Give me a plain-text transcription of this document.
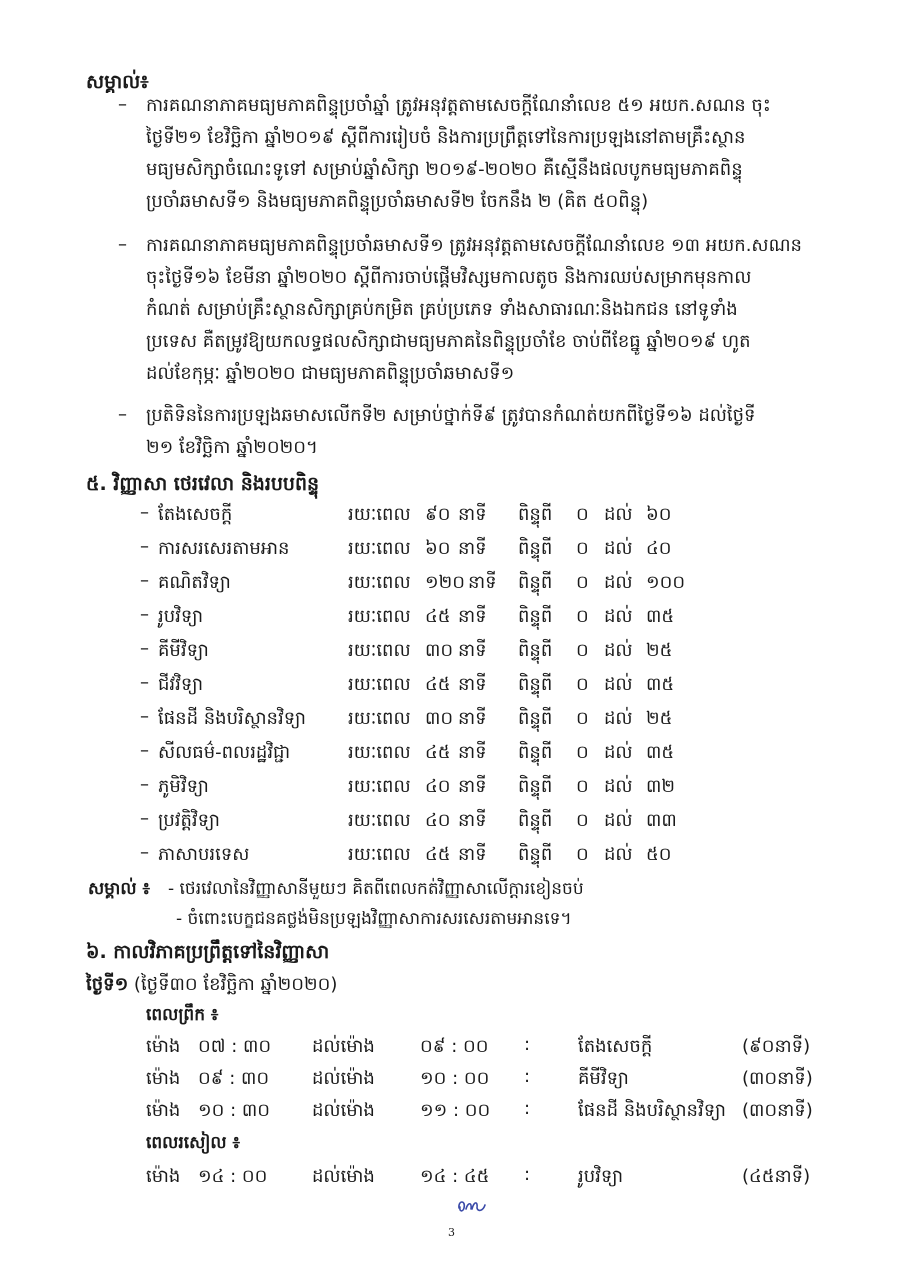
សម្គាល់៖
– ការគណនាភាគមធ្យមភាគពិន្ទុប្រចាំឆ្នាំ ត្រូវអនុវត្តតាមសេចក្ដីណែនាំលេខ ៥១ អយក.សណន ចុះ
ថ្ងៃទី២១ ខែវិច្ឆិកា ឆ្នាំ២០១៩ ស្ដីពីការរៀបចំ និងការប្រព្រឹត្តទៅនៃការប្រឡងនៅតាមគ្រឹះស្ថាន
មធ្យមសិក្សាចំណេះទូទៅ សម្រាប់ឆ្នាំសិក្សា ២០១៩-២០២០ គឺស្មើនឹងផលបូកមធ្យមភាគពិន្ទុ
ប្រចាំឆមាសទី១ និងមធ្យមភាគពិន្ទុប្រចាំឆមាសទី២ ចែកនឹង ២ (គិត ៥០ពិន្ទុ)
– ការគណនាភាគមធ្យមភាគពិន្ទុប្រចាំឆមាសទី១ ត្រូវអនុវត្តតាមសេចក្ដីណែនាំលេខ ១៣ អយក.សណន
ចុះថ្ងៃទី១៦ ខែមីនា ឆ្នាំ២០២០ ស្ដីពីការចាប់ផ្ដើមវិស្សមកាលតូច និងការឈប់សម្រាកមុនកាល
កំណត់ សម្រាប់គ្រឹះស្ថានសិក្សាគ្រប់កម្រិត គ្រប់ប្រភេទ ទាំងសាធារណៈនិងឯកជន នៅទូទាំង
ប្រទេស គឺតម្រូវឱ្យយកលទ្ធផលសិក្សាជាមធ្យមភាគនៃពិន្ទុប្រចាំខែ ចាប់ពីខែធ្នូ ឆ្នាំ២០១៩ ហូត
ដល់ខែកុម្ភៈ ឆ្នាំ២០២០ ជាមធ្យមភាគពិន្ទុប្រចាំឆមាសទី១
– ប្រតិទិននៃការប្រឡងឆមាសលើកទី២ សម្រាប់ថ្នាក់ទី៩ ត្រូវបានកំណត់យកពីថ្ងៃទី១៦ ដល់ថ្ងៃទី
២១ ខែវិច្ឆិកា ឆ្នាំ២០២០។
៥. វិញ្ញាសា ថេរវេលា និងរបបពិន្ទុ
– តែងសេចក្ដី	រយៈពេល ៩០ នាទី ពិន្ទុពី ០ ដល់ ៦០
– ការសរសេរតាមអាន	រយៈពេល ៦០ នាទី ពិន្ទុពី ០ ដល់ ៤០
– គណិតវិទ្យា	រយៈពេល ១២០ នាទី ពិន្ទុពី ០ ដល់ ១០០
– រូបវិទ្យា	រយៈពេល ៤៥ នាទី ពិន្ទុពី ០ ដល់ ៣៥
– គីមីវិទ្យា	រយៈពេល ៣០ នាទី ពិន្ទុពី ០ ដល់ ២៥
– ជីវវិទ្យា	រយៈពេល ៤៥ នាទី ពិន្ទុពី ០ ដល់ ៣៥
– ផែនដី និងបរិស្ថានវិទ្យា រយៈពេល ៣០ នាទី ពិន្ទុពី ០ ដល់ ២៥
– សីលធម៌-ពលរដ្ឋវិជ្ជា	រយៈពេល ៤៥ នាទី ពិន្ទុពី ០ ដល់ ៣៥
– ភូមិវិទ្យា	រយៈពេល ៤០ នាទី ពិន្ទុពី ០ ដល់ ៣២
– ប្រវត្តិវិទ្យា	រយៈពេល ៤០ នាទី ពិន្ទុពី ០ ដល់ ៣៣
– ភាសាបរទេស	រយៈពេល ៤៥ នាទី ពិន្ទុពី ០ ដល់ ៥០
សម្គាល់ ៖ - ថេរវេលានៃវិញ្ញាសានីមួយៗ គិតពីពេលកត់វិញ្ញាសាលើក្ដារខៀនចប់
- ចំពោះបេក្ខជនគថ្លង់មិនប្រឡងវិញ្ញាសាការសរសេរតាមអានទេ។
៦. កាលវិភាគប្រព្រឹត្តទៅនៃវិញ្ញាសា
ថ្ងៃទី១ (ថ្ងៃទី៣០ ខែវិច្ឆិកា ឆ្នាំ២០២០)
ពេលព្រឹក ៖
ម៉ោង ០៧ : ៣០ ដល់ម៉ោង	០៩ : ០០ :	តែងសេចក្ដី	(៩០នាទី)
ម៉ោង ០៩ : ៣០ ដល់ម៉ោង	១០ : ០០ :	គីមីវិទ្យា	(៣០នាទី)
ម៉ោង ១០ : ៣០ ដល់ម៉ោង	១១ : ០០ :	ផែនដី និងបរិស្ថានវិទ្យា (៣០នាទី)
ពេលរសៀល ៖
ម៉ោង ១៤ : ០០ ដល់ម៉ោង	១៤ : ៤៥ :	រូបវិទ្យា	(៤៥នាទី)
3
